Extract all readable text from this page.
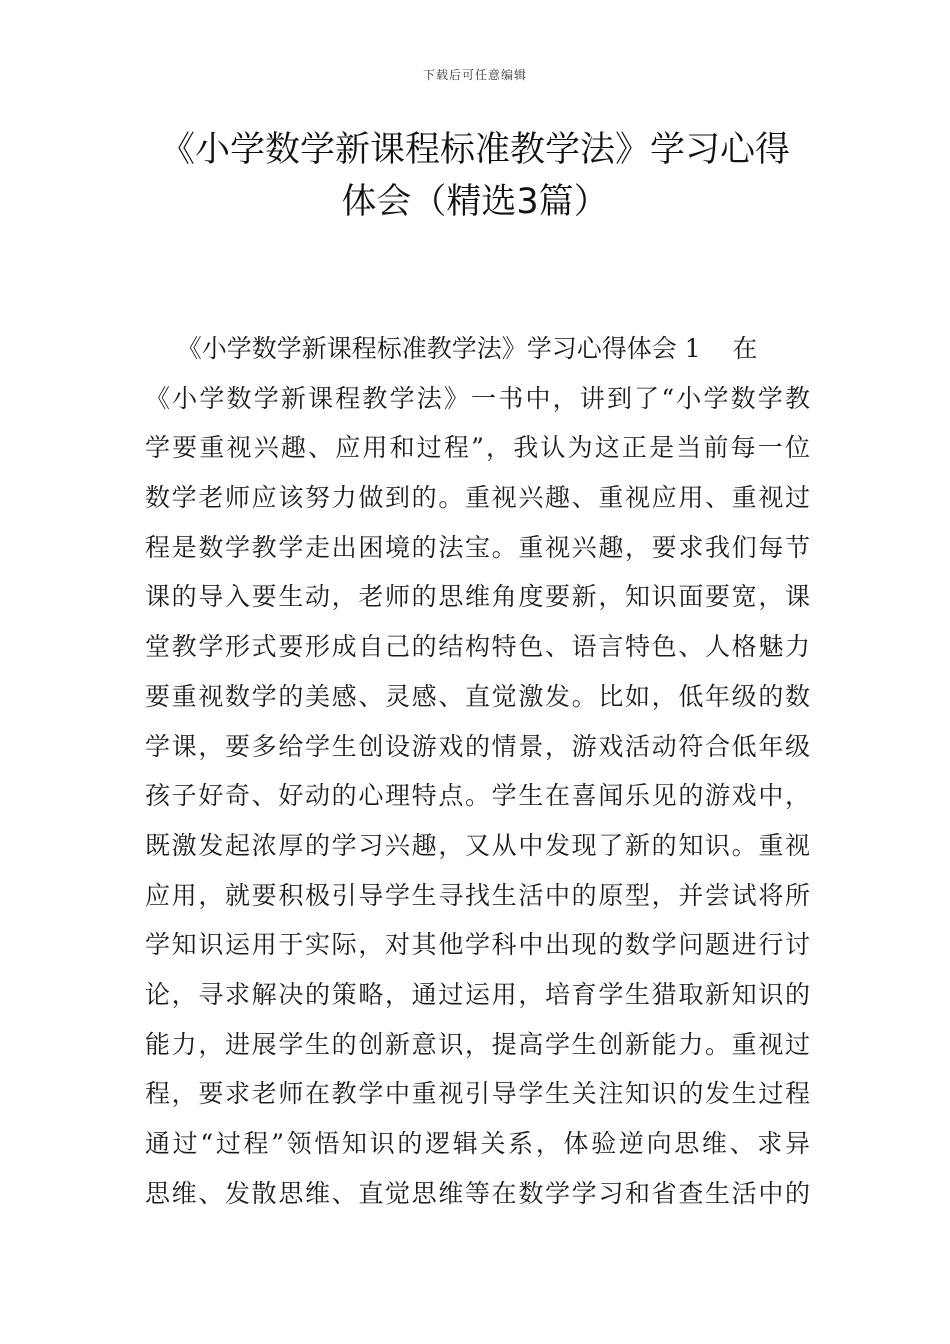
下载后可任意编辑
《小学数学新课程标准教学法》学习心得
体会（精选3篇）
《小学数学新课程标准教学法》学习心得体会 1    在
《小学数学新课程教学法》一书中，讲到了“小学数学教
学要重视兴趣、应用和过程”，我认为这正是当前每一位
数学老师应该努力做到的。重视兴趣、重视应用、重视过
程是数学教学走出困境的法宝。重视兴趣，要求我们每节
课的导入要生动，老师的思维角度要新，知识面要宽，课
堂教学形式要形成自己的结构特色、语言特色、人格魅力
要重视数学的美感、灵感、直觉激发。比如，低年级的数
学课，要多给学生创设游戏的情景，游戏活动符合低年级
孩子好奇、好动的心理特点。学生在喜闻乐见的游戏中，
既激发起浓厚的学习兴趣，又从中发现了新的知识。重视
应用，就要积极引导学生寻找生活中的原型，并尝试将所
学知识运用于实际，对其他学科中出现的数学问题进行讨
论，寻求解决的策略，通过运用，培育学生猎取新知识的
能力，进展学生的创新意识，提高学生创新能力。重视过
程，要求老师在教学中重视引导学生关注知识的发生过程
通过“过程”领悟知识的逻辑关系，体验逆向思维、求异
思维、发散思维、直觉思维等在数学学习和省查生活中的
